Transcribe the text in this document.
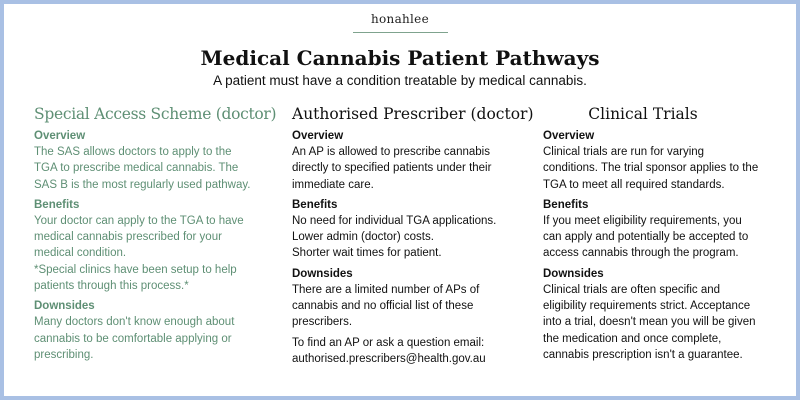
honahlee
Medical Cannabis Patient Pathways
A patient must have a condition treatable by medical cannabis.
Special Access Scheme (doctor)
Overview

The SAS allows doctors to apply to the

TGA to prescribe medical cannabis. The

SAS B is the most regularly used pathway.

Benefits

Your doctor can apply to the TGA to have

medical cannabis prescribed for your

medical condition.

*Special clinics have been setup to help

patients through this process.*

Downsides

Many doctors don't know enough about

cannabis to be comfortable applying or

prescribing.

Authorised Prescriber (doctor)
Overview

An AP is allowed to prescribe cannabis

directly to specified patients under their

immediate care.

Benefits

No need for individual TGA applications.

Lower admin (doctor) costs.

Shorter wait times for patient.

Downsides

There are a limited number of APs of

cannabis and no official list of these

prescribers.

To find an AP or ask a question email:

authorised.prescribers@health.gov.au

Clinical Trials
Overview

Clinical trials are run for varying

conditions. The trial sponsor applies to the

TGA to meet all required standards.

Benefits

If you meet eligibility requirements, you

can apply and potentially be accepted to

access cannabis through the program.

Downsides

Clinical trials are often specific and

eligibility requirements strict. Acceptance

into a trial, doesn't mean you will be given

the medication and once complete,

cannabis prescription isn't a guarantee.
